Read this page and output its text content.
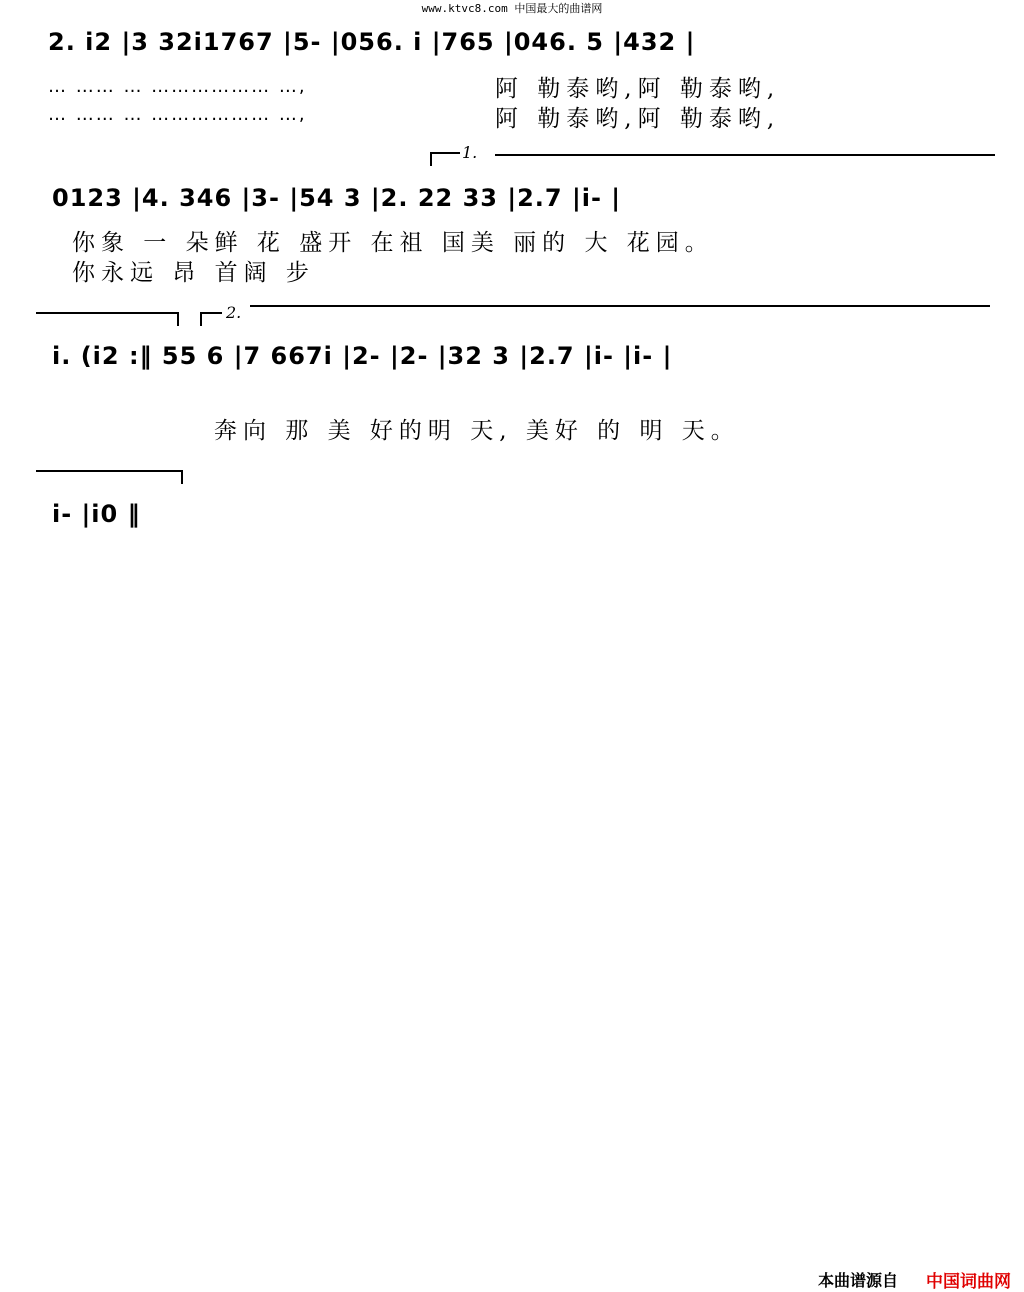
www.ktvc8.com 中国最大的曲谱网
2. i2 |3 32i1767 |5- |056. i |765 |046. 5 |432 |
… …… … ……………… …,
… …… … ……………… …,
阿 勒泰哟,阿 勒泰哟,
阿 勒泰哟,阿 勒泰哟,
1.
0123 |4. 346 |3- |54 3 |2. 22 33 |2.7 |i- |
你象 一 朵鲜 花 盛开 在祖 国美 丽的 大 花园。
你永远 昂 首阔 步
2.
i. (i2 :‖ 55 6 |7 667i |2- |2- |32 3 |2.7 |i- |i- |
奔向 那 美 好的明 天, 美好 的 明 天。
i- |i0 ‖
本曲谱源自 中国词曲网
